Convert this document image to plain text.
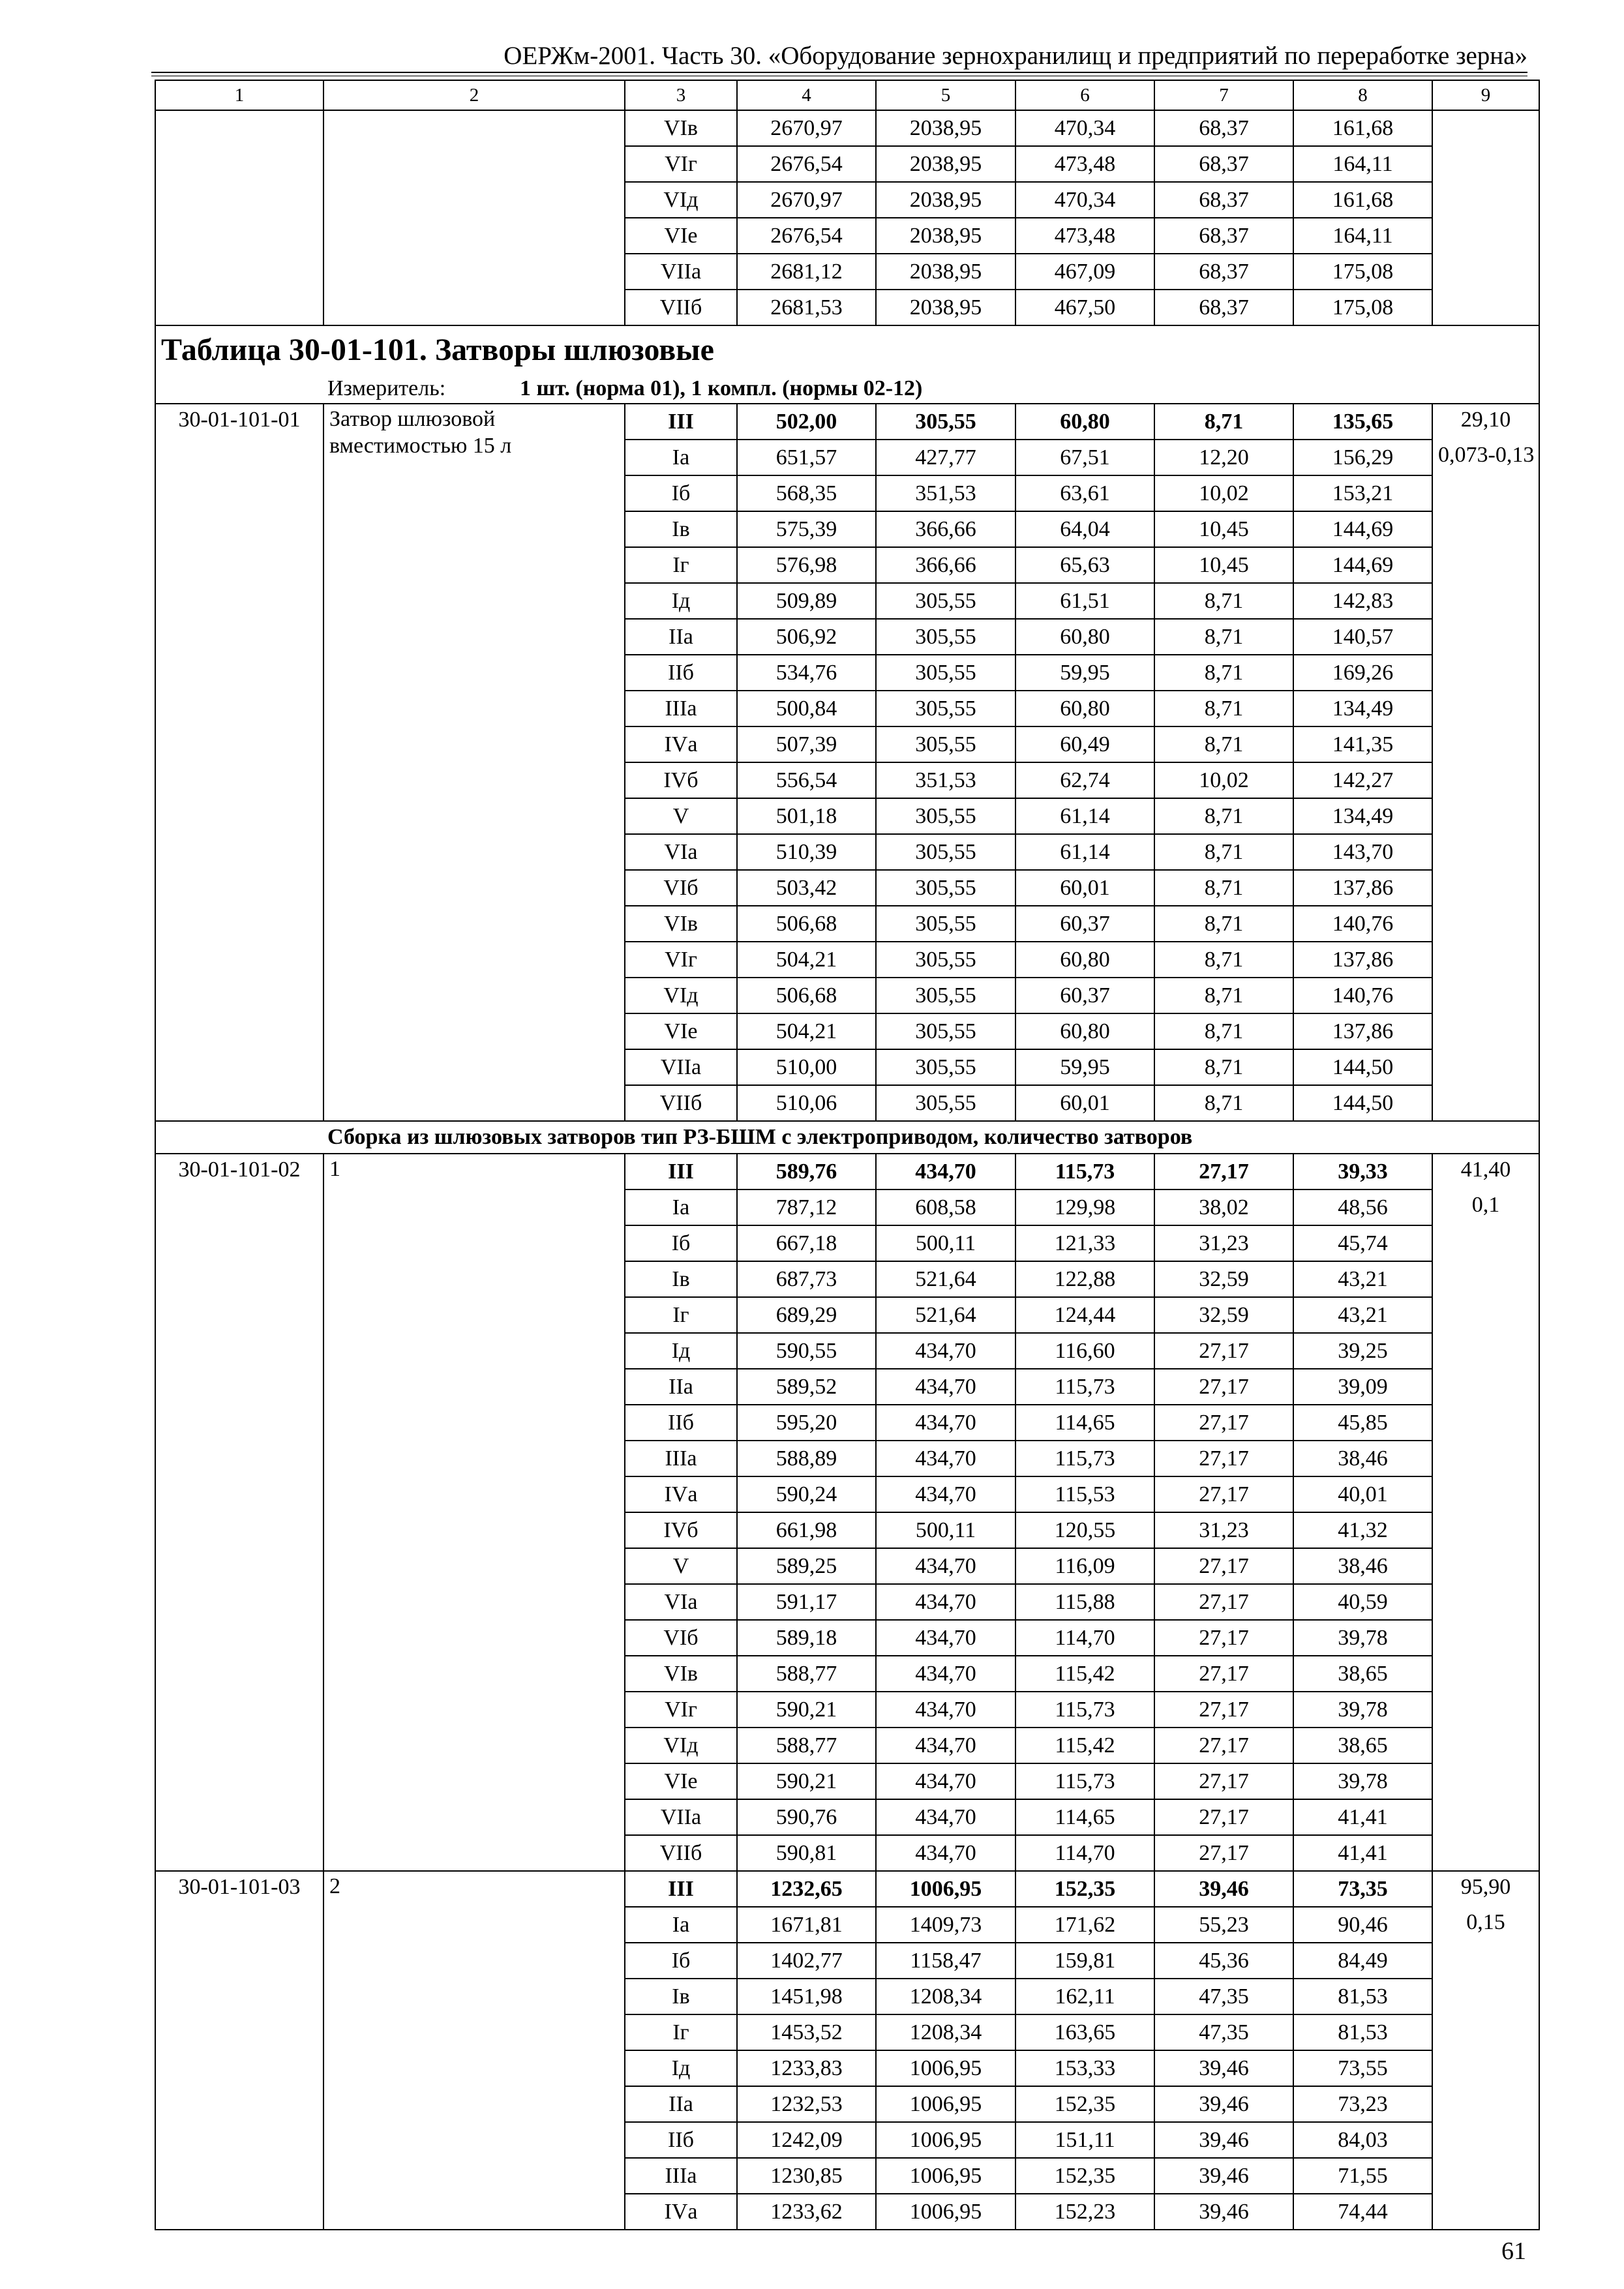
ОЕРЖм-2001. Часть 30. «Оборудование зернохранилищ и предприятий по переработке зерна»
1	2	3	4	5	6	7	8	9
		VIв	2670,97	2038,95	470,34	68,37	161,68	
		VIг	2676,54	2038,95	473,48	68,37	164,11	
		VIд	2670,97	2038,95	470,34	68,37	161,68	
		VIе	2676,54	2038,95	473,48	68,37	164,11	
		VIIа	2681,12	2038,95	467,09	68,37	175,08	
		VIIб	2681,53	2038,95	467,50	68,37	175,08	
Таблица 30-01-101. Затворы шлюзовые								
Измеритель: 1 шт. (норма 01), 1 компл. (нормы 02-12)								
30-01-101-01	Затвор шлюзовой вместимостью 15 л	III	502,00	305,55	60,80	8,71	135,65	29,10
		Iа	651,57	427,77	67,51	12,20	156,29	0,073-0,13
		Iб	568,35	351,53	63,61	10,02	153,21	
		Iв	575,39	366,66	64,04	10,45	144,69	
		Iг	576,98	366,66	65,63	10,45	144,69	
		Iд	509,89	305,55	61,51	8,71	142,83	
		IIа	506,92	305,55	60,80	8,71	140,57	
		IIб	534,76	305,55	59,95	8,71	169,26	
		IIIа	500,84	305,55	60,80	8,71	134,49	
		IVа	507,39	305,55	60,49	8,71	141,35	
		IVб	556,54	351,53	62,74	10,02	142,27	
		V	501,18	305,55	61,14	8,71	134,49	
		VIа	510,39	305,55	61,14	8,71	143,70	
		VIб	503,42	305,55	60,01	8,71	137,86	
		VIв	506,68	305,55	60,37	8,71	140,76	
		VIг	504,21	305,55	60,80	8,71	137,86	
		VIд	506,68	305,55	60,37	8,71	140,76	
		VIе	504,21	305,55	60,80	8,71	137,86	
		VIIа	510,00	305,55	59,95	8,71	144,50	
		VIIб	510,06	305,55	60,01	8,71	144,50	
Сборка из шлюзовых затворов тип РЗ-БШМ с электроприводом, количество затворов								
30-01-101-02	1	III	589,76	434,70	115,73	27,17	39,33	41,40
		Iа	787,12	608,58	129,98	38,02	48,56	0,1
		Iб	667,18	500,11	121,33	31,23	45,74	
		Iв	687,73	521,64	122,88	32,59	43,21	
		Iг	689,29	521,64	124,44	32,59	43,21	
		Iд	590,55	434,70	116,60	27,17	39,25	
		IIа	589,52	434,70	115,73	27,17	39,09	
		IIб	595,20	434,70	114,65	27,17	45,85	
		IIIа	588,89	434,70	115,73	27,17	38,46	
		IVа	590,24	434,70	115,53	27,17	40,01	
		IVб	661,98	500,11	120,55	31,23	41,32	
		V	589,25	434,70	116,09	27,17	38,46	
		VIа	591,17	434,70	115,88	27,17	40,59	
		VIб	589,18	434,70	114,70	27,17	39,78	
		VIв	588,77	434,70	115,42	27,17	38,65	
		VIг	590,21	434,70	115,73	27,17	39,78	
		VIд	588,77	434,70	115,42	27,17	38,65	
		VIе	590,21	434,70	115,73	27,17	39,78	
		VIIа	590,76	434,70	114,65	27,17	41,41	
		VIIб	590,81	434,70	114,70	27,17	41,41	
30-01-101-03	2	III	1232,65	1006,95	152,35	39,46	73,35	95,90
		Iа	1671,81	1409,73	171,62	55,23	90,46	0,15
		Iб	1402,77	1158,47	159,81	45,36	84,49	
		Iв	1451,98	1208,34	162,11	47,35	81,53	
		Iг	1453,52	1208,34	163,65	47,35	81,53	
		Iд	1233,83	1006,95	153,33	39,46	73,55	
		IIа	1232,53	1006,95	152,35	39,46	73,23	
		IIб	1242,09	1006,95	151,11	39,46	84,03	
		IIIа	1230,85	1006,95	152,35	39,46	71,55	
		IVа	1233,62	1006,95	152,23	39,46	74,44	
61
